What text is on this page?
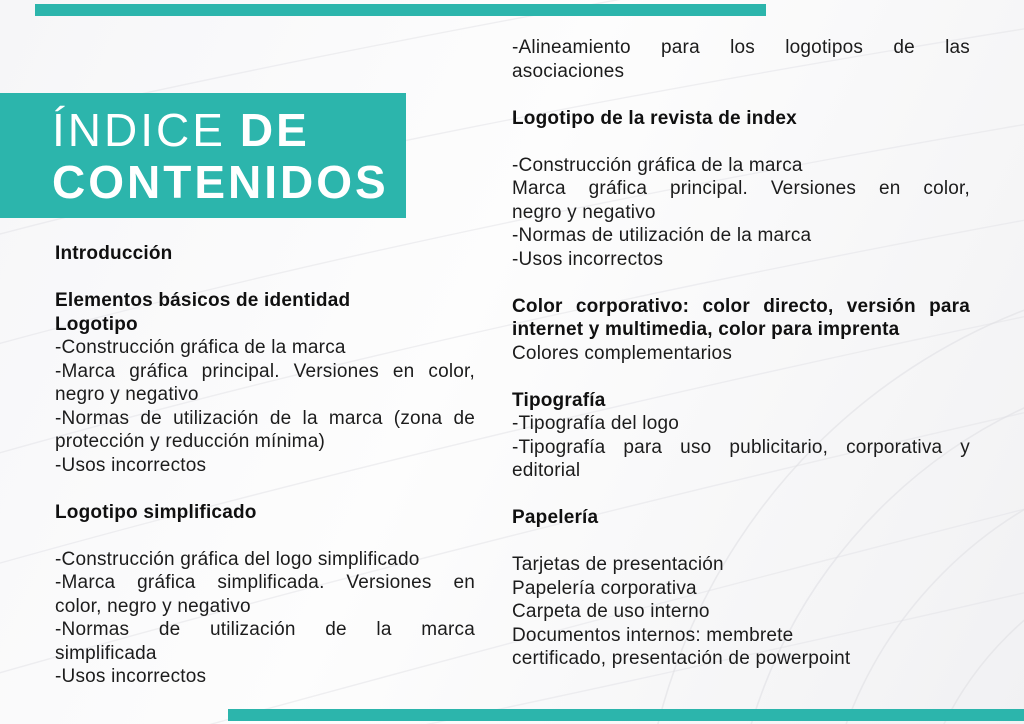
ÍNDICE DE
CONTENIDOS
Introducción
Elementos básicos de identidad
Logotipo
-Construcción gráfica de la marca
-Marca gráfica principal. Versiones en color,
negro y negativo
-Normas de utilización de la marca (zona de
protección y reducción mínima)
-Usos incorrectos
Logotipo simplificado
-Construcción gráfica del logo simplificado
-Marca gráfica simplificada. Versiones en
color, negro y negativo
-Normas de utilización de la marca
simplificada
-Usos incorrectos
-Alineamiento para los logotipos de las
asociaciones
Logotipo de la revista de index
-Construcción gráfica de la marca
Marca gráfica principal. Versiones en color,
negro y negativo
-Normas de utilización de la marca
-Usos incorrectos
Color corporativo: color directo, versión para
internet y multimedia, color para imprenta
Colores complementarios
Tipografía
-Tipografía del logo
-Tipografía para uso publicitario, corporativa y
editorial
Papelería
Tarjetas de presentación
Papelería corporativa
Carpeta de uso interno
Documentos internos: membrete
certificado, presentación de powerpoint
